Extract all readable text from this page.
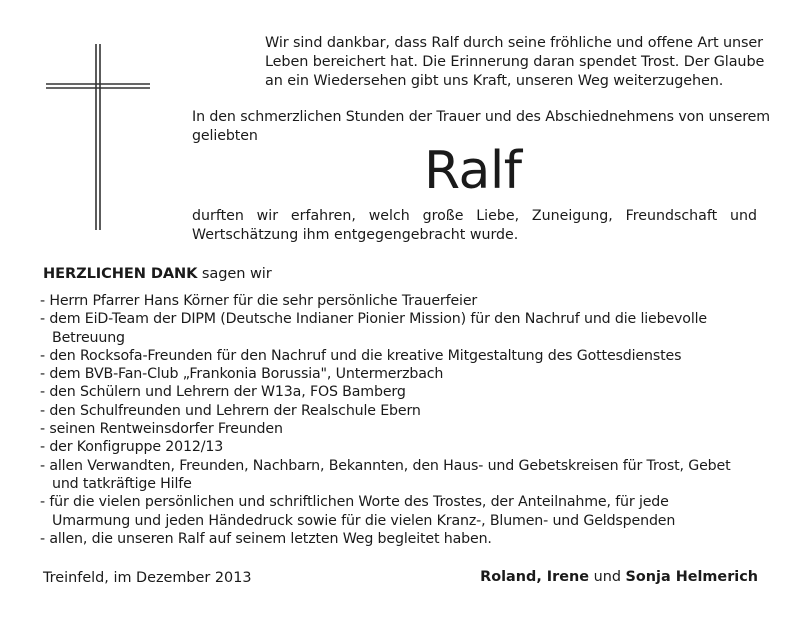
Wir sind dankbar, dass Ralf durch seine fröhliche und offene Art unser
Leben bereichert hat. Die Erinnerung daran spendet Trost. Der Glaube
an ein Wiedersehen gibt uns Kraft, unseren Weg weiterzugehen.
In den schmerzlichen Stunden der Trauer und des Abschiednehmens von unserem
geliebten
Ralf
durften wir erfahren, welch große Liebe, Zuneigung, Freundschaft und
Wertschätzung ihm entgegengebracht wurde.
HERZLICHEN DANK sagen wir
- Herrn Pfarrer Hans Körner für die sehr persönliche Trauerfeier
- dem EiD-Team der DIPM (Deutsche Indianer Pionier Mission) für den Nachruf und die liebevolle
Betreuung
- den Rocksofa-Freunden für den Nachruf und die kreative Mitgestaltung des Gottesdienstes
- dem BVB-Fan-Club „Frankonia Borussia", Untermerzbach
- den Schülern und Lehrern der W13a, FOS Bamberg
- den Schulfreunden und Lehrern der Realschule Ebern
- seinen Rentweinsdorfer Freunden
- der Konfigruppe 2012/13
- allen Verwandten, Freunden, Nachbarn, Bekannten, den Haus- und Gebetskreisen für Trost, Gebet
und tatkräftige Hilfe
- für die vielen persönlichen und schriftlichen Worte des Trostes, der Anteilnahme, für jede
Umarmung und jeden Händedruck sowie für die vielen Kranz-, Blumen- und Geldspenden
- allen, die unseren Ralf auf seinem letzten Weg begleitet haben.
Treinfeld, im Dezember 2013	Roland, Irene und Sonja Helmerich
